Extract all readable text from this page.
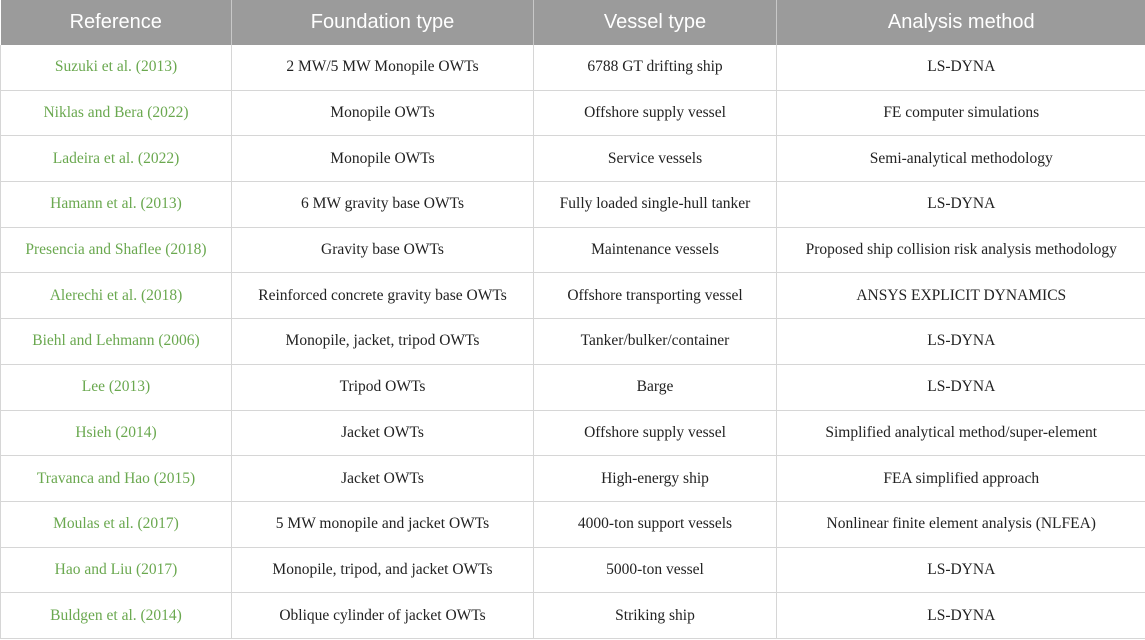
Reference	Foundation type	Vessel type	Analysis method
Suzuki et al. (2013)	2 MW/5 MW Monopile OWTs	6788 GT drifting ship	LS-DYNA
Niklas and Bera (2022)	Monopile OWTs	Offshore supply vessel	FE computer simulations
Ladeira et al. (2022)	Monopile OWTs	Service vessels	Semi-analytical methodology
Hamann et al. (2013)	6 MW gravity base OWTs	Fully loaded single-hull tanker	LS-DYNA
Presencia and Shaflee (2018)	Gravity base OWTs	Maintenance vessels	Proposed ship collision risk analysis methodology
Alerechi et al. (2018)	Reinforced concrete gravity base OWTs	Offshore transporting vessel	ANSYS EXPLICIT DYNAMICS
Biehl and Lehmann (2006)	Monopile, jacket, tripod OWTs	Tanker/bulker/container	LS-DYNA
Lee (2013)	Tripod OWTs	Barge	LS-DYNA
Hsieh (2014)	Jacket OWTs	Offshore supply vessel	Simplified analytical method/super-element
Travanca and Hao (2015)	Jacket OWTs	High-energy ship	FEA simplified approach
Moulas et al. (2017)	5 MW monopile and jacket OWTs	4000-ton support vessels	Nonlinear finite element analysis (NLFEA)
Hao and Liu (2017)	Monopile, tripod, and jacket OWTs	5000-ton vessel	LS-DYNA
Buldgen et al. (2014)	Oblique cylinder of jacket OWTs	Striking ship	LS-DYNA
